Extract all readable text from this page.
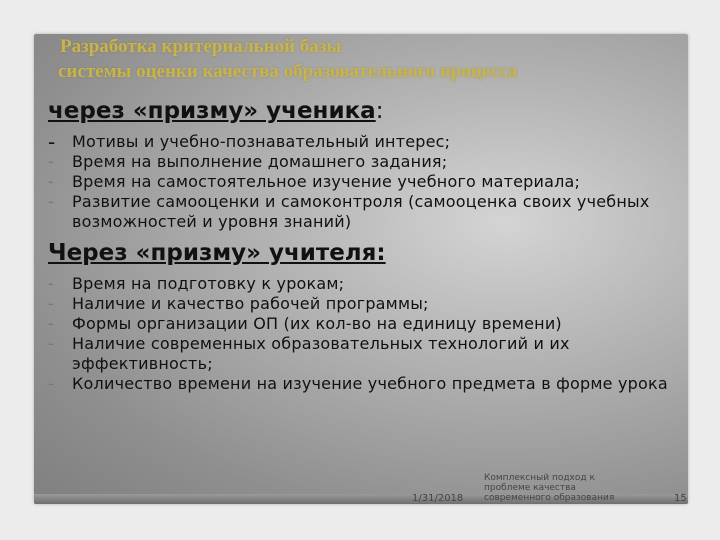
Разработка критериальной базы
системы оценки качества образовательного процесса
через «призму» ученика:
- Мотивы и учебно-познавательный интерес;
- Время на выполнение домашнего задания;
- Время на самостоятельное изучение учебного материала;
- Развитие самооценки и самоконтроля (самооценка своих учебных возможностей и уровня знаний)
Через «призму» учителя:
- Время на подготовку к урокам;
- Наличие и качество рабочей программы;
- Формы организации ОП (их кол-во на единицу времени)
- Наличие современных образовательных технологий и их эффективность;
- Количество времени на изучение учебного предмета в форме урока
1/31/2018
Комплексный подход к проблеме качества современного образования	15
